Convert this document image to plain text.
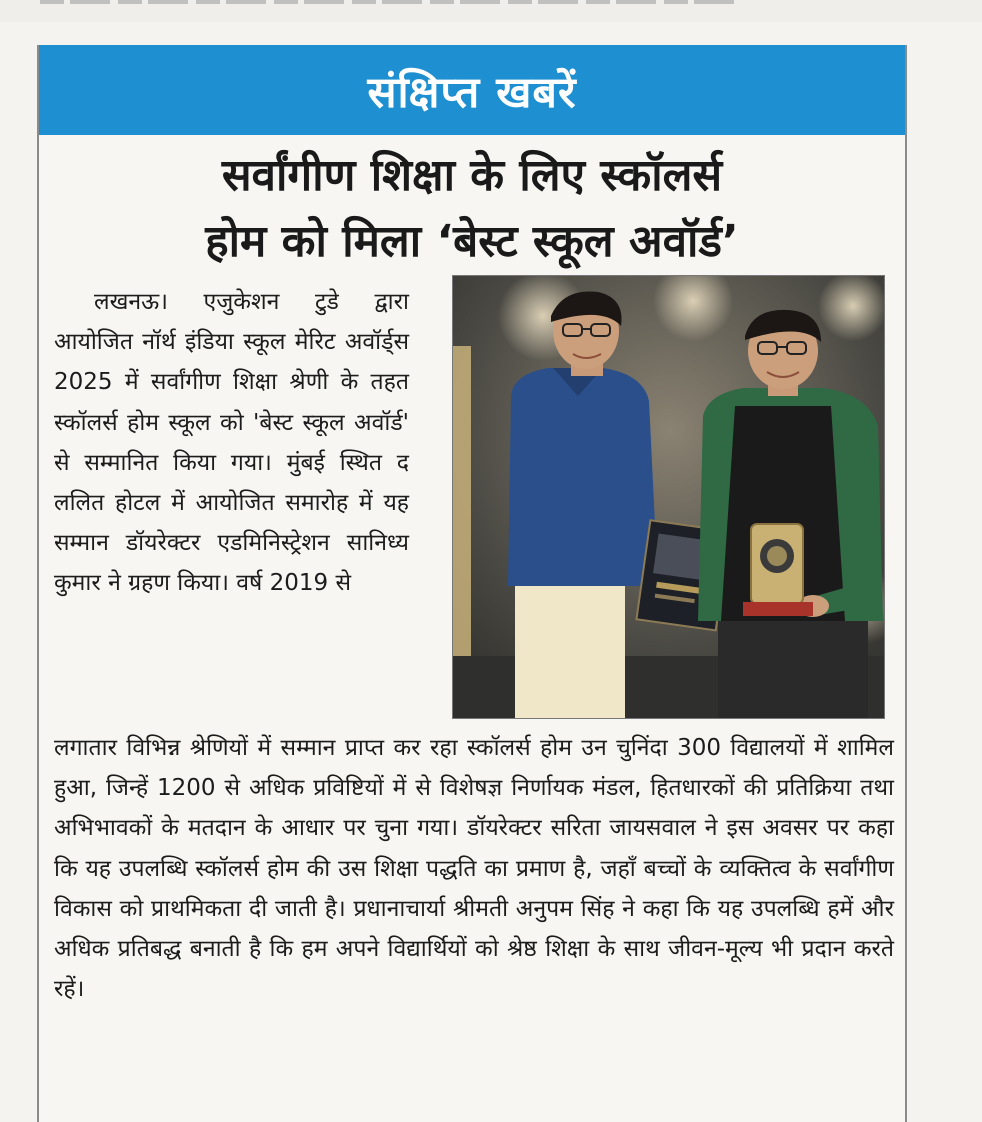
संक्षिप्त खबरें
सर्वांगीण शिक्षा के लिए स्कॉलर्स
होम को मिला ‘बेस्ट स्कूल अवॉर्ड’

लखनऊ। एजुकेशन टुडे द्वारा आयोजित नॉर्थ इंडिया स्कूल मेरिट अवॉर्ड्स 2025 में सर्वांगीण शिक्षा श्रेणी के तहत स्कॉलर्स होम स्कूल को 'बेस्ट स्कूल अवॉर्ड' से सम्मानित किया गया। मुंबई स्थित द ललित होटल में आयोजित समारोह में यह सम्मान डॉयरेक्टर एडमिनिस्ट्रेशन सानिध्य कुमार ने ग्रहण किया। वर्ष 2019 से

लगातार विभिन्न श्रेणियों में सम्मान प्राप्त कर रहा स्कॉलर्स होम उन चुनिंदा 300 विद्यालयों में शामिल हुआ, जिन्हें 1200 से अधिक प्रविष्टियों में से विशेषज्ञ निर्णायक मंडल, हितधारकों की प्रतिक्रिया तथा अभिभावकों के मतदान के आधार पर चुना गया। डॉयरेक्टर सरिता जायसवाल ने इस अवसर पर कहा कि यह उपलब्धि स्कॉलर्स होम की उस शिक्षा पद्धति का प्रमाण है, जहाँ बच्चों के व्यक्तित्व के सर्वांगीण विकास को प्राथमिकता दी जाती है। प्रधानाचार्या श्रीमती अनुपम सिंह ने कहा कि यह उपलब्धि हमें और अधिक प्रतिबद्ध बनाती है कि हम अपने विद्यार्थियों को श्रेष्ठ शिक्षा के साथ जीवन-मूल्य भी प्रदान करते रहें।
